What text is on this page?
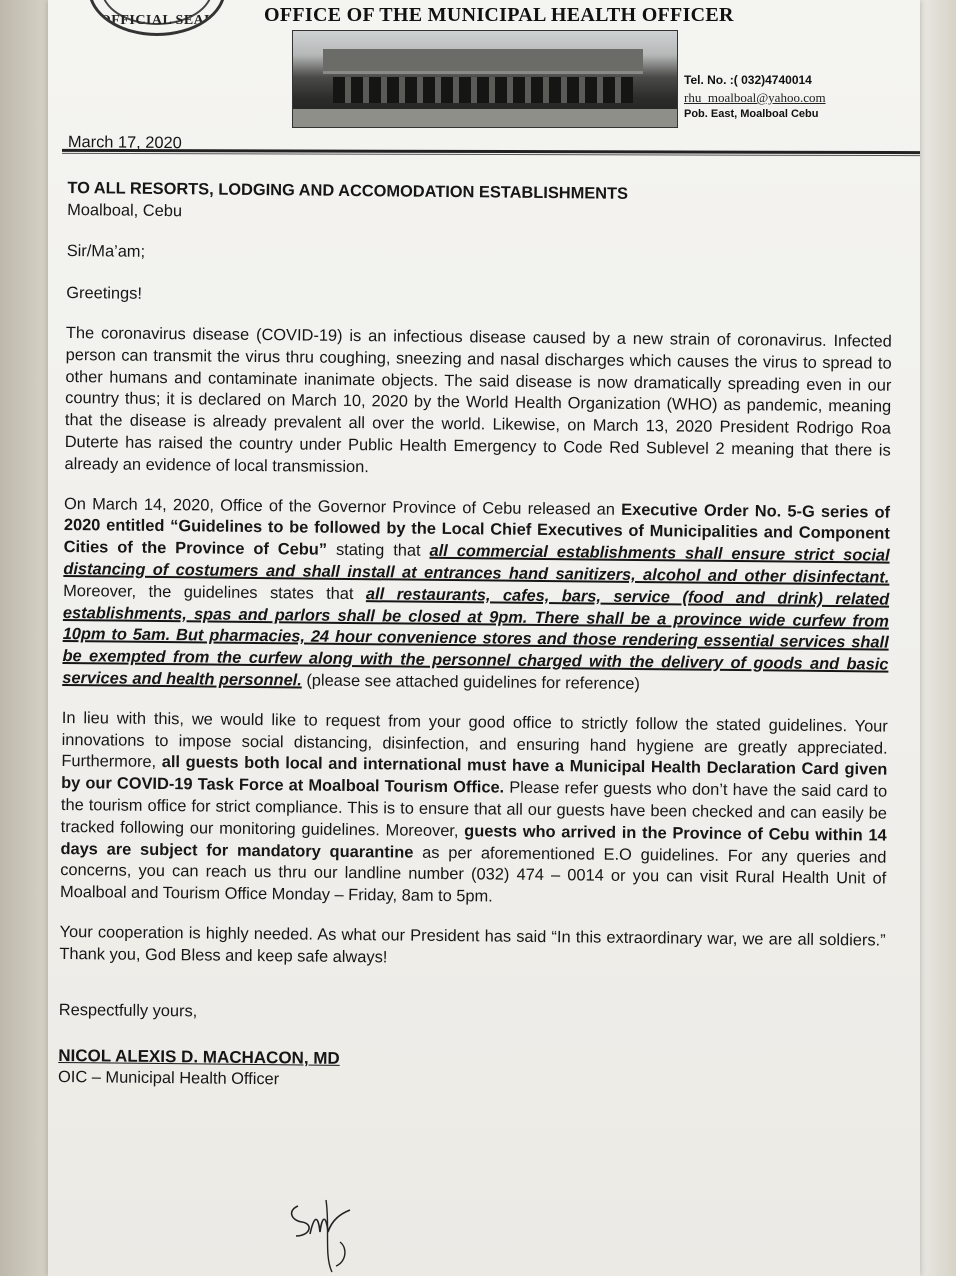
OFFICIAL SEAL	OFFICE OF THE MUNICIPAL HEALTH OFFICER
Tel. No. :( 032)4740014
rhu_moalboal@yahoo.com
Pob. East, Moalboal Cebu

March 17, 2020

TO ALL RESORTS, LODGING AND ACCOMODATION ESTABLISHMENTS

Moalboal, Cebu

Sir/Ma’am;

Greetings!

The coronavirus disease (COVID-19) is an infectious disease caused by a new strain of coronavirus. Infected person can transmit the virus thru coughing, sneezing and nasal discharges which causes the virus to spread to other humans and contaminate inanimate objects. The said disease is now dramatically spreading even in our country thus; it is declared on March 10, 2020 by the World Health Organization (WHO) as pandemic, meaning that the disease is already prevalent all over the world. Likewise, on March 13, 2020 President Rodrigo Roa Duterte has raised the country under Public Health Emergency to Code Red Sublevel 2 meaning that there is already an evidence of local transmission.

On March 14, 2020, Office of the Governor Province of Cebu released an Executive Order No. 5-G series of 2020 entitled “Guidelines to be followed by the Local Chief Executives of Municipalities and Component Cities of the Province of Cebu” stating that all commercial establishments shall ensure strict social distancing of costumers and shall install at entrances hand sanitizers, alcohol and other disinfectant. Moreover, the guidelines states that all restaurants, cafes, bars, service (food and drink) related establishments, spas and parlors shall be closed at 9pm. There shall be a province wide curfew from 10pm to 5am. But pharmacies, 24 hour convenience stores and those rendering essential services shall be exempted from the curfew along with the personnel charged with the delivery of goods and basic services and health personnel. (please see attached guidelines for reference)

In lieu with this, we would like to request from your good office to strictly follow the stated guidelines. Your innovations to impose social distancing, disinfection, and ensuring hand hygiene are greatly appreciated. Furthermore, all guests both local and international must have a Municipal Health Declaration Card given by our COVID-19 Task Force at Moalboal Tourism Office. Please refer guests who don’t have the said card to the tourism office for strict compliance. This is to ensure that all our guests have been checked and can easily be tracked following our monitoring guidelines. Moreover, guests who arrived in the Province of Cebu within 14 days are subject for mandatory quarantine as per aforementioned E.O guidelines. For any queries and concerns, you can reach us thru our landline number (032) 474 – 0014 or you can visit Rural Health Unit of Moalboal and Tourism Office Monday – Friday, 8am to 5pm.

Your cooperation is highly needed. As what our President has said “In this extraordinary war, we are all soldiers.” Thank you, God Bless and keep safe always!

Respectfully yours,

NICOL ALEXIS D. MACHACON, MD

OIC – Municipal Health Officer
